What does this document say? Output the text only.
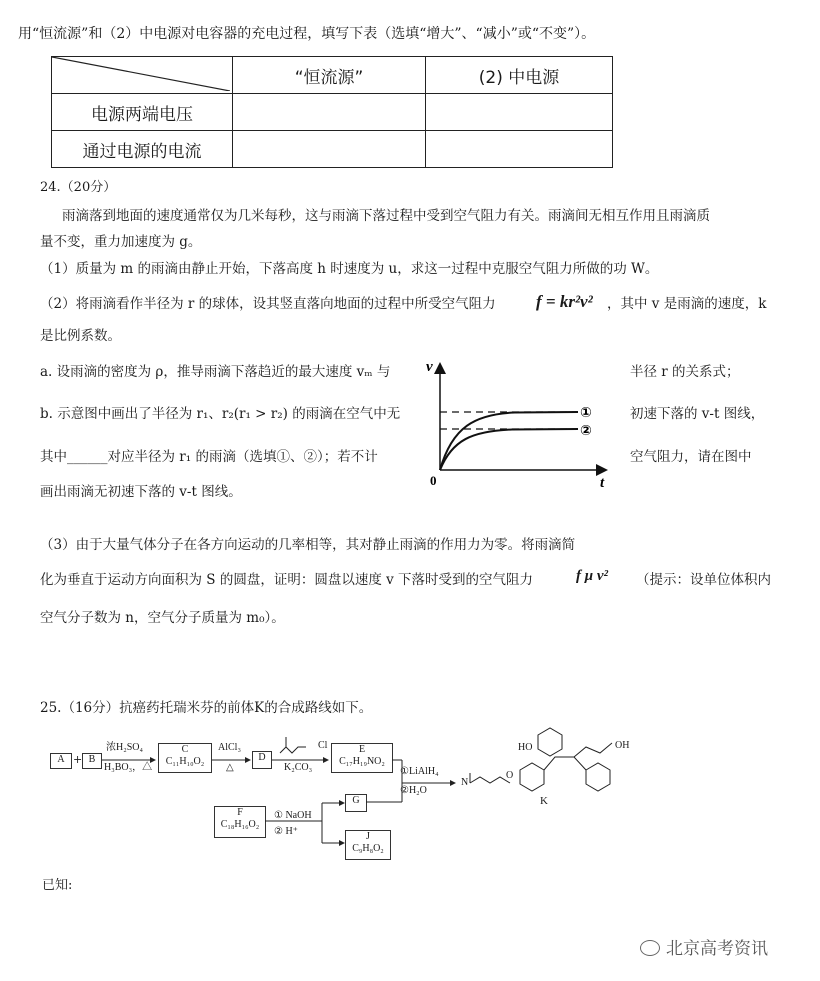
用“恒流源”和（2）中电源对电容器的充电过程，填写下表（选填“增大”、“减小”或“不变”）。
	“恒流源”	(2) 中电源
电源两端电压		
通过电源的电流		
24.（20分）
雨滴落到地面的速度通常仅为几米每秒，这与雨滴下落过程中受到空气阻力有关。雨滴间无相互作用且雨滴质
量不变，重力加速度为 g。
（1）质量为 m 的雨滴由静止开始，下落高度 h 时速度为 u，求这一过程中克服空气阻力所做的功 W。
（2）将雨滴看作半径为 r 的球体，设其竖直落向地面的过程中所受空气阻力 f = kr²v² ，其中 v 是雨滴的速度，k
是比例系数。
a. 设雨滴的密度为 ρ，推导雨滴下落趋近的最大速度 vₘ 与	半径 r 的关系式；
b. 示意图中画出了半径为 r₁、r₂(r₁ > r₂) 的雨滴在空气中无	初速下落的 v-t 图线，
其中______对应半径为 r₁ 的雨滴（选填①、②）；若不计	空气阻力，请在图中
画出雨滴无初速下落的 v-t 图线。
v
t
0
①
②
（3）由于大量气体分子在各方向运动的几率相等，其对静止雨滴的作用力为零。将雨滴简
化为垂直于运动方向面积为 S 的圆盘，证明：圆盘以速度 v 下落时受到的空气阻力	f μ v² （提示：设单位体积内
空气分子数为 n，空气分子质量为 m₀）。
25.（16分）抗癌药托瑞米芬的前体K的合成路线如下。
A + B
浓H₂SO₄
H₃BO₃，△
C
C₁₁H₁₀O₂
AlCl₃
△
D
Cl
K₂CO₃
E
C₁₇H₁₉NO₂
①LiAlH₄
②H₂O
F
C₁₈H₁₆O₂
① NaOH
② H⁺
G
J
C₉H₈O₂
N
O
HO	OH
K
已知:
北京高考资讯
